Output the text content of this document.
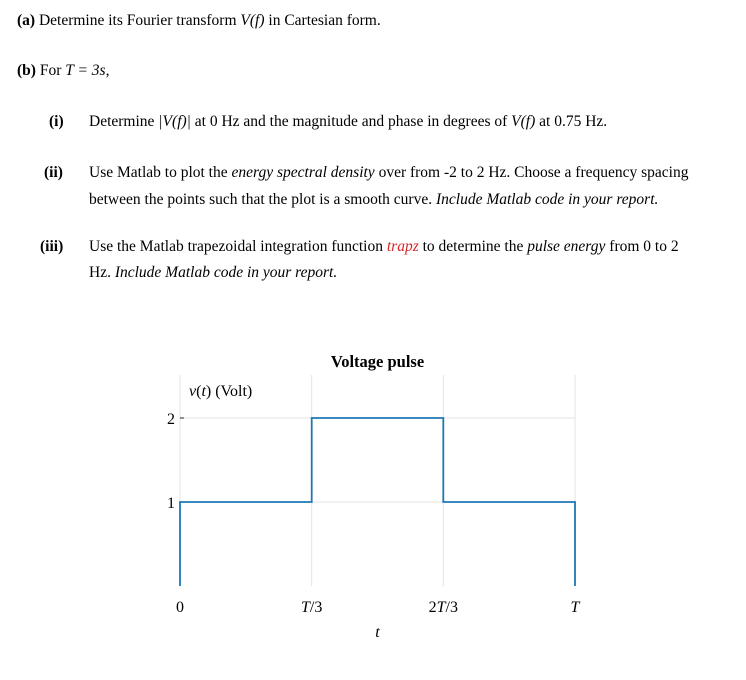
(a) Determine its Fourier transform V(f) in Cartesian form.
(b) For T = 3s,
(i) Determine |V(f)| at 0 Hz and the magnitude and phase in degrees of V(f) at 0.75 Hz.
(ii) Use Matlab to plot the energy spectral density over from -2 to 2 Hz. Choose a frequency spacing
between the points such that the plot is a smooth curve. Include Matlab code in your report.
(iii) Use the Matlab trapezoidal integration function trapz to determine the pulse energy from 0 to 2
Hz. Include Matlab code in your report.
Voltage pulse
v(t) (Volt)
1
2
0	T/3	2T/3	T
t
